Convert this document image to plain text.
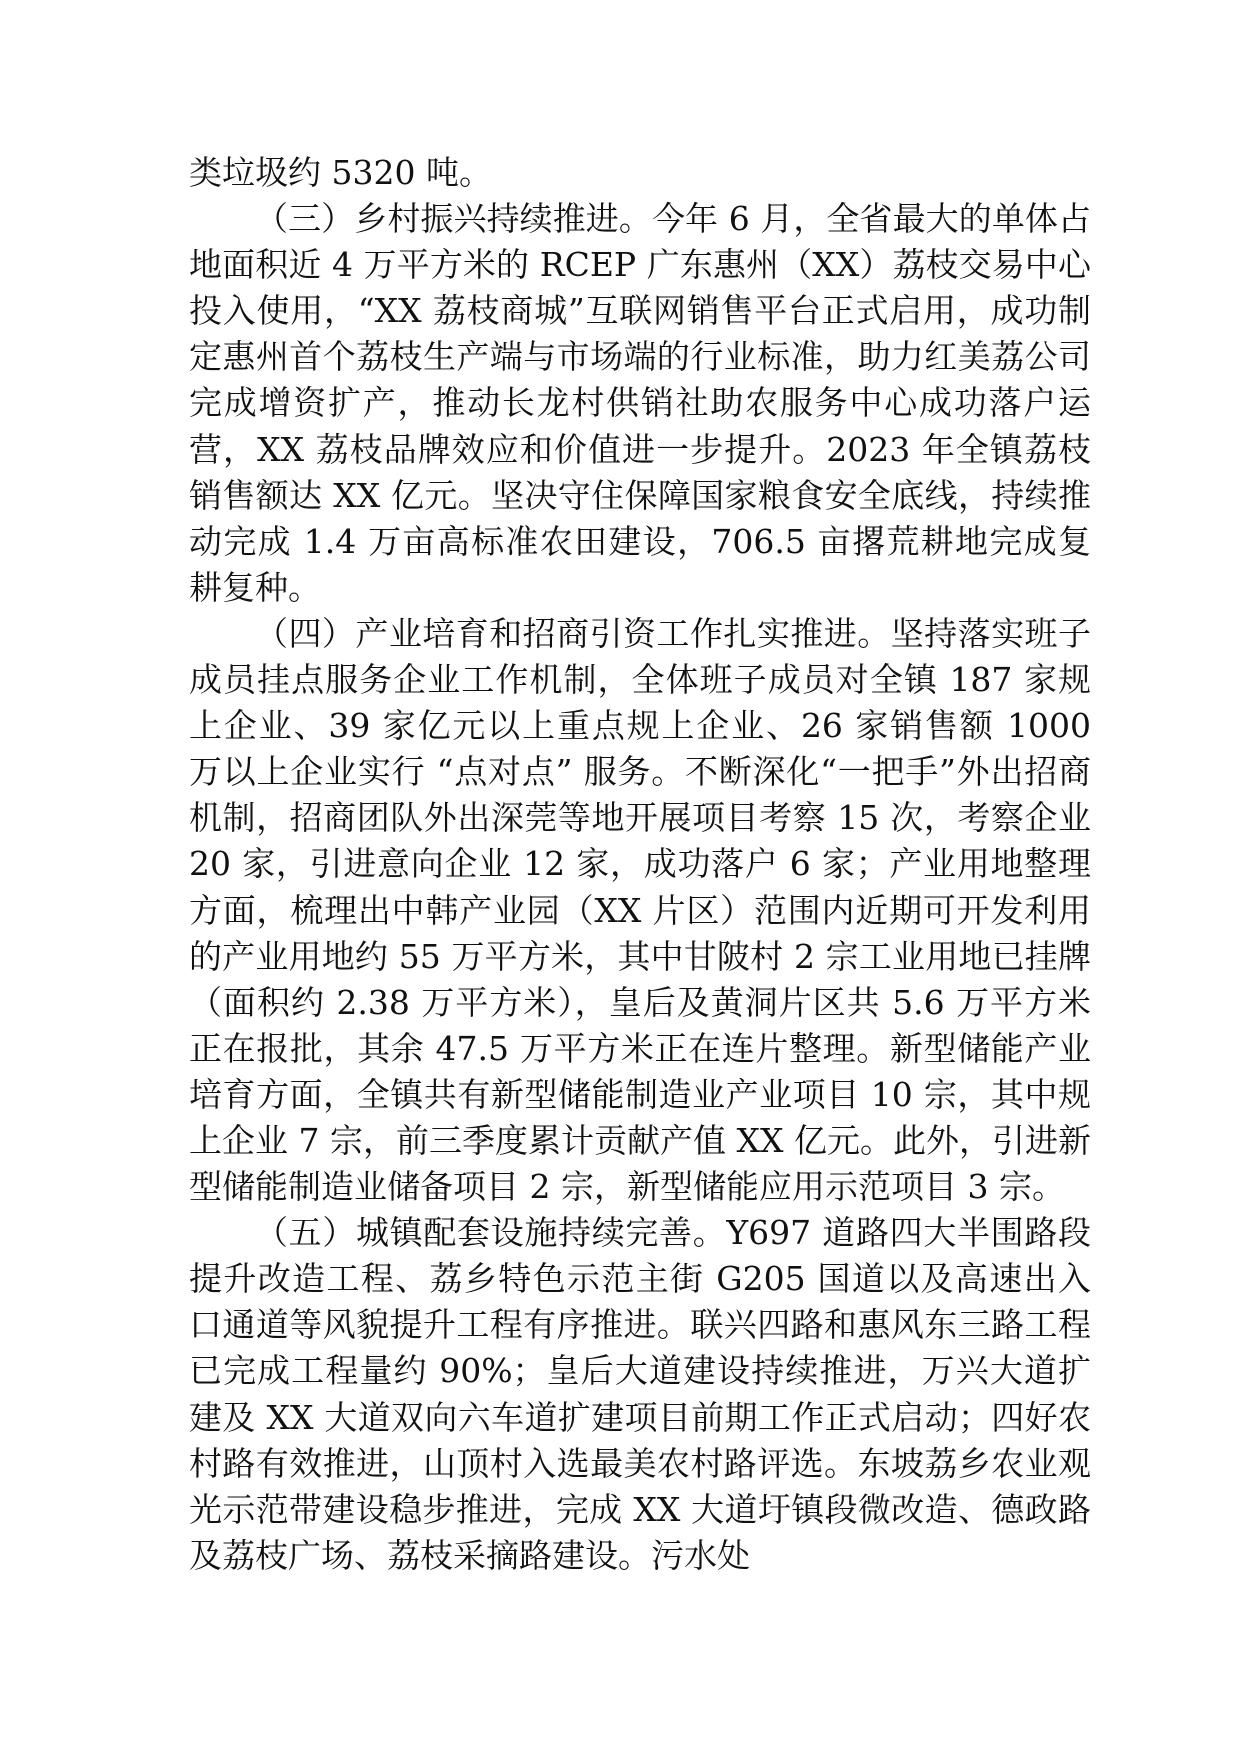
类垃圾约 5320 吨。

（三）乡村振兴持续推进。今年 6 月，全省最大的单体占地面积近 4 万平方米的 RCEP 广东惠州（XX）荔枝交易中心投入使用，“XX 荔枝商城”互联网销售平台正式启用，成功制定惠州首个荔枝生产端与市场端的行业标准，助力红美荔公司完成增资扩产，推动长龙村供销社助农服务中心成功落户运营，XX 荔枝品牌效应和价值进一步提升。2023 年全镇荔枝销售额达 XX 亿元。坚决守住保障国家粮食安全底线，持续推动完成 1.4 万亩高标准农田建设，706.5 亩撂荒耕地完成复耕复种。

（四）产业培育和招商引资工作扎实推进。坚持落实班子成员挂点服务企业工作机制，全体班子成员对全镇 187 家规上企业、39 家亿元以上重点规上企业、26 家销售额 1000 万以上企业实行 “点对点” 服务。不断深化“一把手”外出招商机制，招商团队外出深莞等地开展项目考察 15 次，考察企业 20 家，引进意向企业 12 家，成功落户 6 家；产业用地整理方面，梳理出中韩产业园（XX 片区）范围内近期可开发利用的产业用地约 55 万平方米，其中甘陂村 2 宗工业用地已挂牌（面积约 2.38 万平方米），皇后及黄洞片区共 5.6 万平方米正在报批，其余 47.5 万平方米正在连片整理。新型储能产业培育方面，全镇共有新型储能制造业产业项目 10 宗，其中规上企业 7 宗，前三季度累计贡献产值 XX 亿元。此外，引进新型储能制造业储备项目 2 宗，新型储能应用示范项目 3 宗。

（五）城镇配套设施持续完善。Y697 道路四大半围路段提升改造工程、荔乡特色示范主街 G205 国道以及高速出入口通道等风貌提升工程有序推进。联兴四路和惠风东三路工程已完成工程量约 90%；皇后大道建设持续推进，万兴大道扩建及 XX 大道双向六车道扩建项目前期工作正式启动；四好农村路有效推进，山顶村入选最美农村路评选。东坡荔乡农业观光示范带建设稳步推进，完成 XX 大道圩镇段微改造、德政路及荔枝广场、荔枝采摘路建设。污水处
